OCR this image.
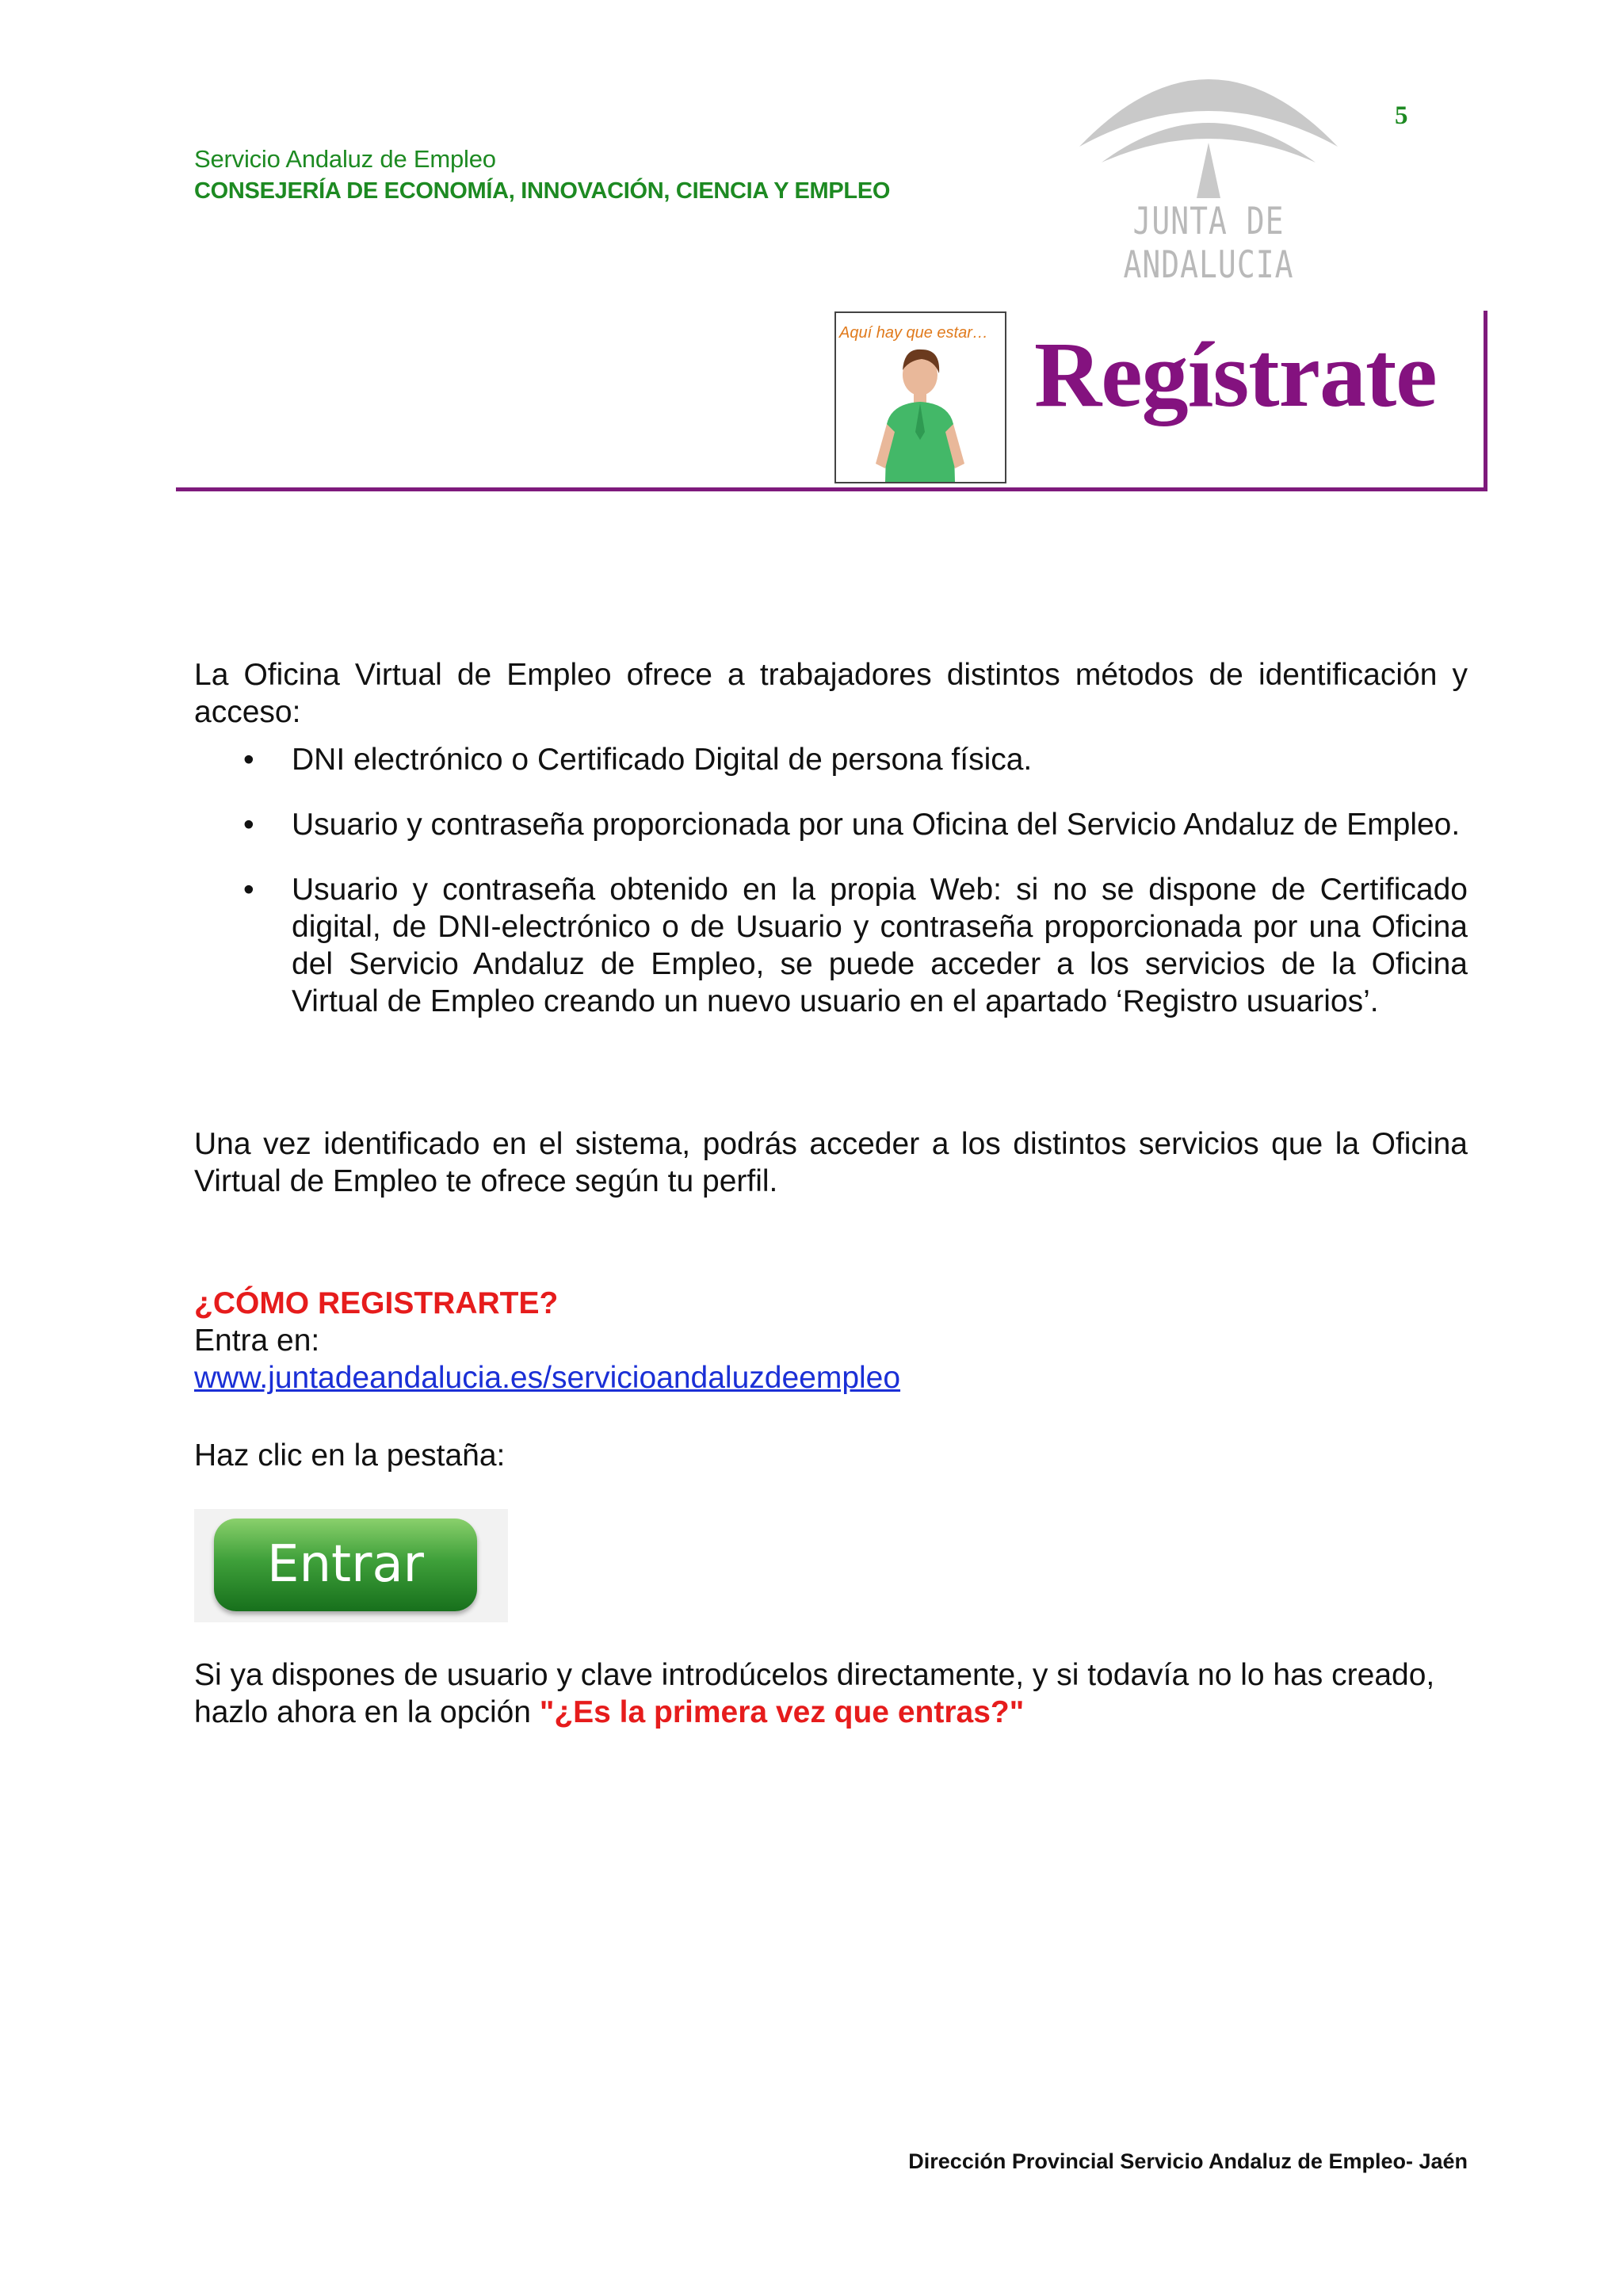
Servicio Andaluz de Empleo
CONSEJERÍA DE ECONOMÍA, INNOVACIÓN, CIENCIA Y EMPLEO
5
JUNTA DE ANDALUCIA
Aquí hay que estar… Regístrate
La Oficina Virtual de Empleo ofrece a trabajadores distintos métodos de identificación y acceso:
• DNI electrónico o Certificado Digital de persona física.
• Usuario y contraseña proporcionada por una Oficina del Servicio Andaluz de Empleo.
• Usuario y contraseña obtenido en la propia Web: si no se dispone de Certificado digital, de DNI-electrónico o de Usuario y contraseña proporcionada por una Oficina del Servicio Andaluz de Empleo, se puede acceder a los servicios de la Oficina Virtual de Empleo creando un nuevo usuario en el apartado ‘Registro usuarios’.
Una vez identificado en el sistema, podrás acceder a los distintos servicios que la Oficina Virtual de Empleo te ofrece según tu perfil.
¿CÓMO REGISTRARTE?
Entra en:
www.juntadeandalucia.es/servicioandaluzdeempleo
Haz clic en la pestaña:
Entrar
Si ya dispones de usuario y clave introdúcelos directamente, y si todavía no lo has creado, hazlo ahora en la opción "¿Es la primera vez que entras?"
Dirección Provincial Servicio Andaluz de Empleo- Jaén
